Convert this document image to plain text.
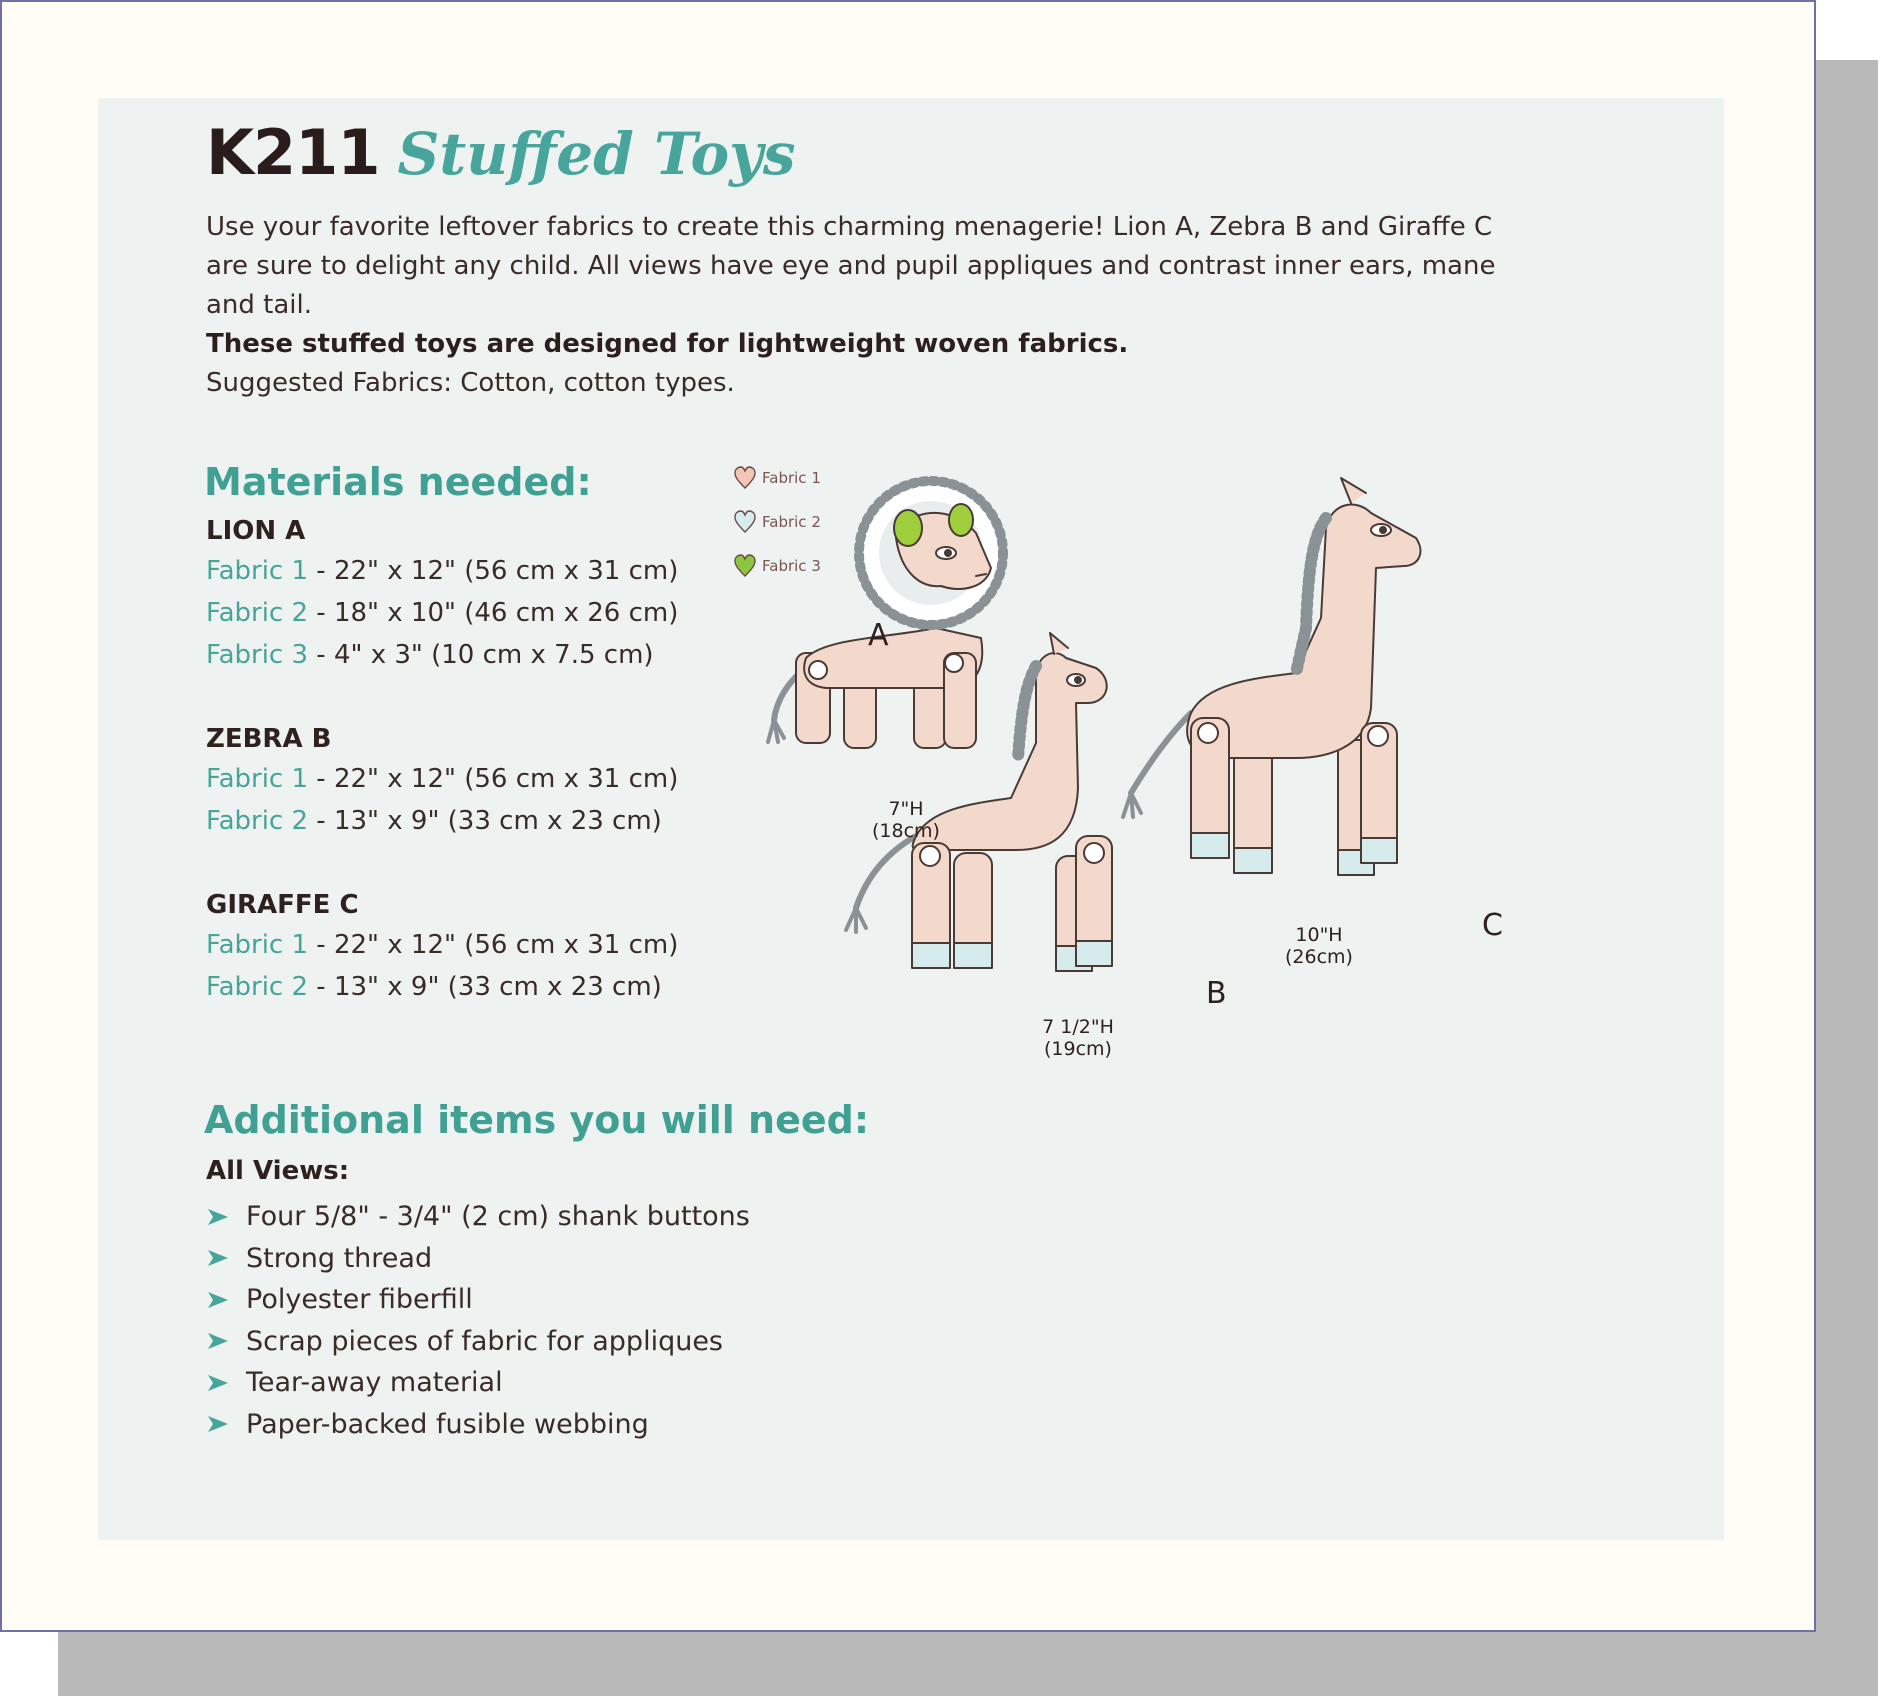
K211 Stuffed Toys
Use your favorite leftover fabrics to create this charming menagerie! Lion A, Zebra B and Giraffe C are sure to delight any child. All views have eye and pupil appliques and contrast inner ears, mane and tail.
These stuffed toys are designed for lightweight woven fabrics.
Suggested Fabrics: Cotton, cotton types.
Materials needed:
LION A
Fabric 1 - 22" x 12" (56 cm x 31 cm)
Fabric 2 - 18" x 10" (46 cm x 26 cm)
Fabric 3 - 4" x 3" (10 cm x 7.5 cm)
ZEBRA B
Fabric 1 - 22" x 12" (56 cm x 31 cm)
Fabric 2 - 13" x 9" (33 cm x 23 cm)
GIRAFFE C
Fabric 1 - 22" x 12" (56 cm x 31 cm)
Fabric 2 - 13" x 9" (33 cm x 23 cm)
Fabric 1
Fabric 2
Fabric 3
A
7"H
(18cm)
B
7 1/2"H
(19cm)
C
10"H
(26cm)
Additional items you will need:
All Views:
Four 5/8" - 3/4" (2 cm) shank buttons
Strong thread
Polyester fiberfill
Scrap pieces of fabric for appliques
Tear-away material
Paper-backed fusible webbing
